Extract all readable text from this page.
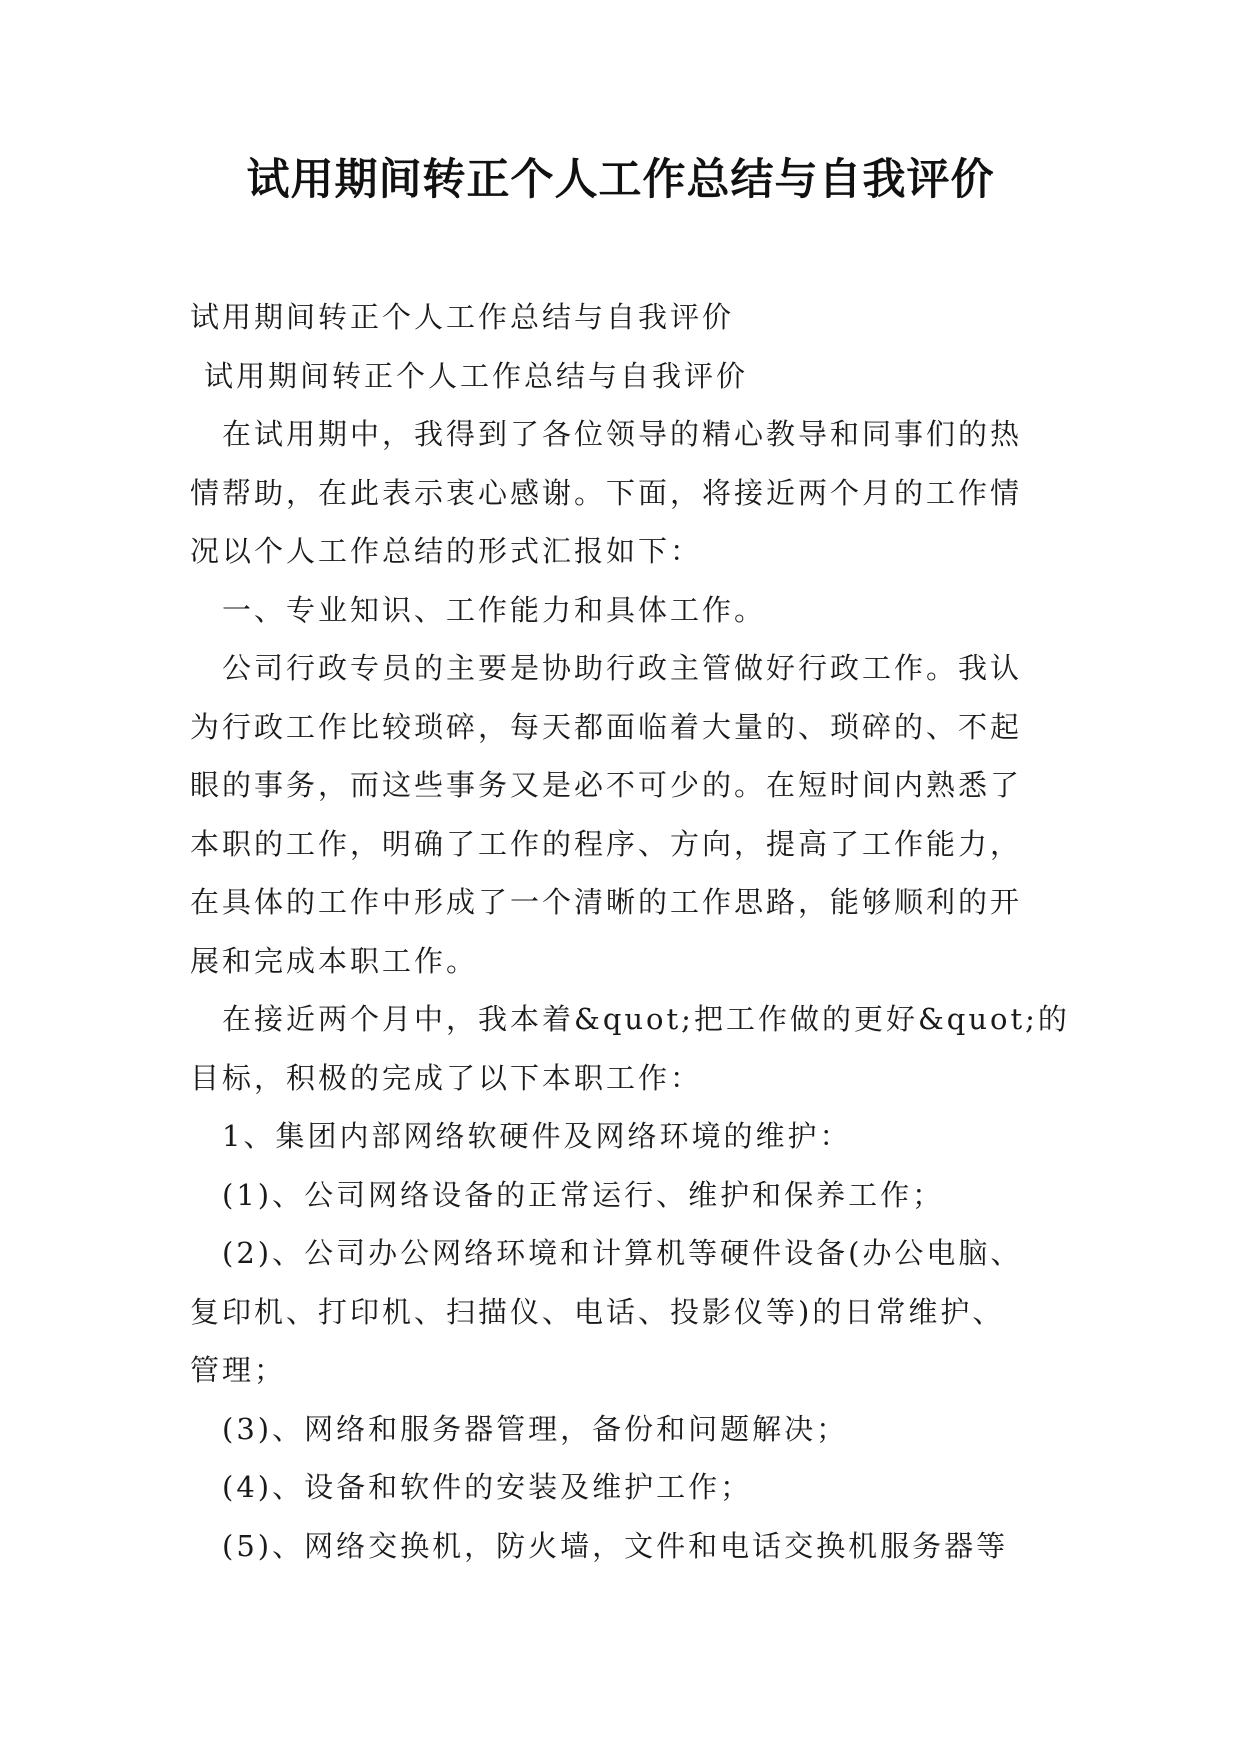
试用期间转正个人工作总结与自我评价

试用期间转正个人工作总结与自我评价

试用期间转正个人工作总结与自我评价

在试用期中，我得到了各位领导的精心教导和同事们的热

情帮助，在此表示衷心感谢。下面，将接近两个月的工作情

况以个人工作总结的形式汇报如下：

一、专业知识、工作能力和具体工作。

公司行政专员的主要是协助行政主管做好行政工作。我认

为行政工作比较琐碎，每天都面临着大量的、琐碎的、不起

眼的事务，而这些事务又是必不可少的。在短时间内熟悉了

本职的工作，明确了工作的程序、方向，提高了工作能力，

在具体的工作中形成了一个清晰的工作思路，能够顺利的开

展和完成本职工作。

在接近两个月中，我本着&quot;把工作做的更好&quot;的

目标，积极的完成了以下本职工作：

1、集团内部网络软硬件及网络环境的维护：

(1)、公司网络设备的正常运行、维护和保养工作；

(2)、公司办公网络环境和计算机等硬件设备(办公电脑、

复印机、打印机、扫描仪、电话、投影仪等)的日常维护、

管理；

(3)、网络和服务器管理，备份和问题解决；

(4)、设备和软件的安装及维护工作；

(5)、网络交换机，防火墙，文件和电话交换机服务器等
